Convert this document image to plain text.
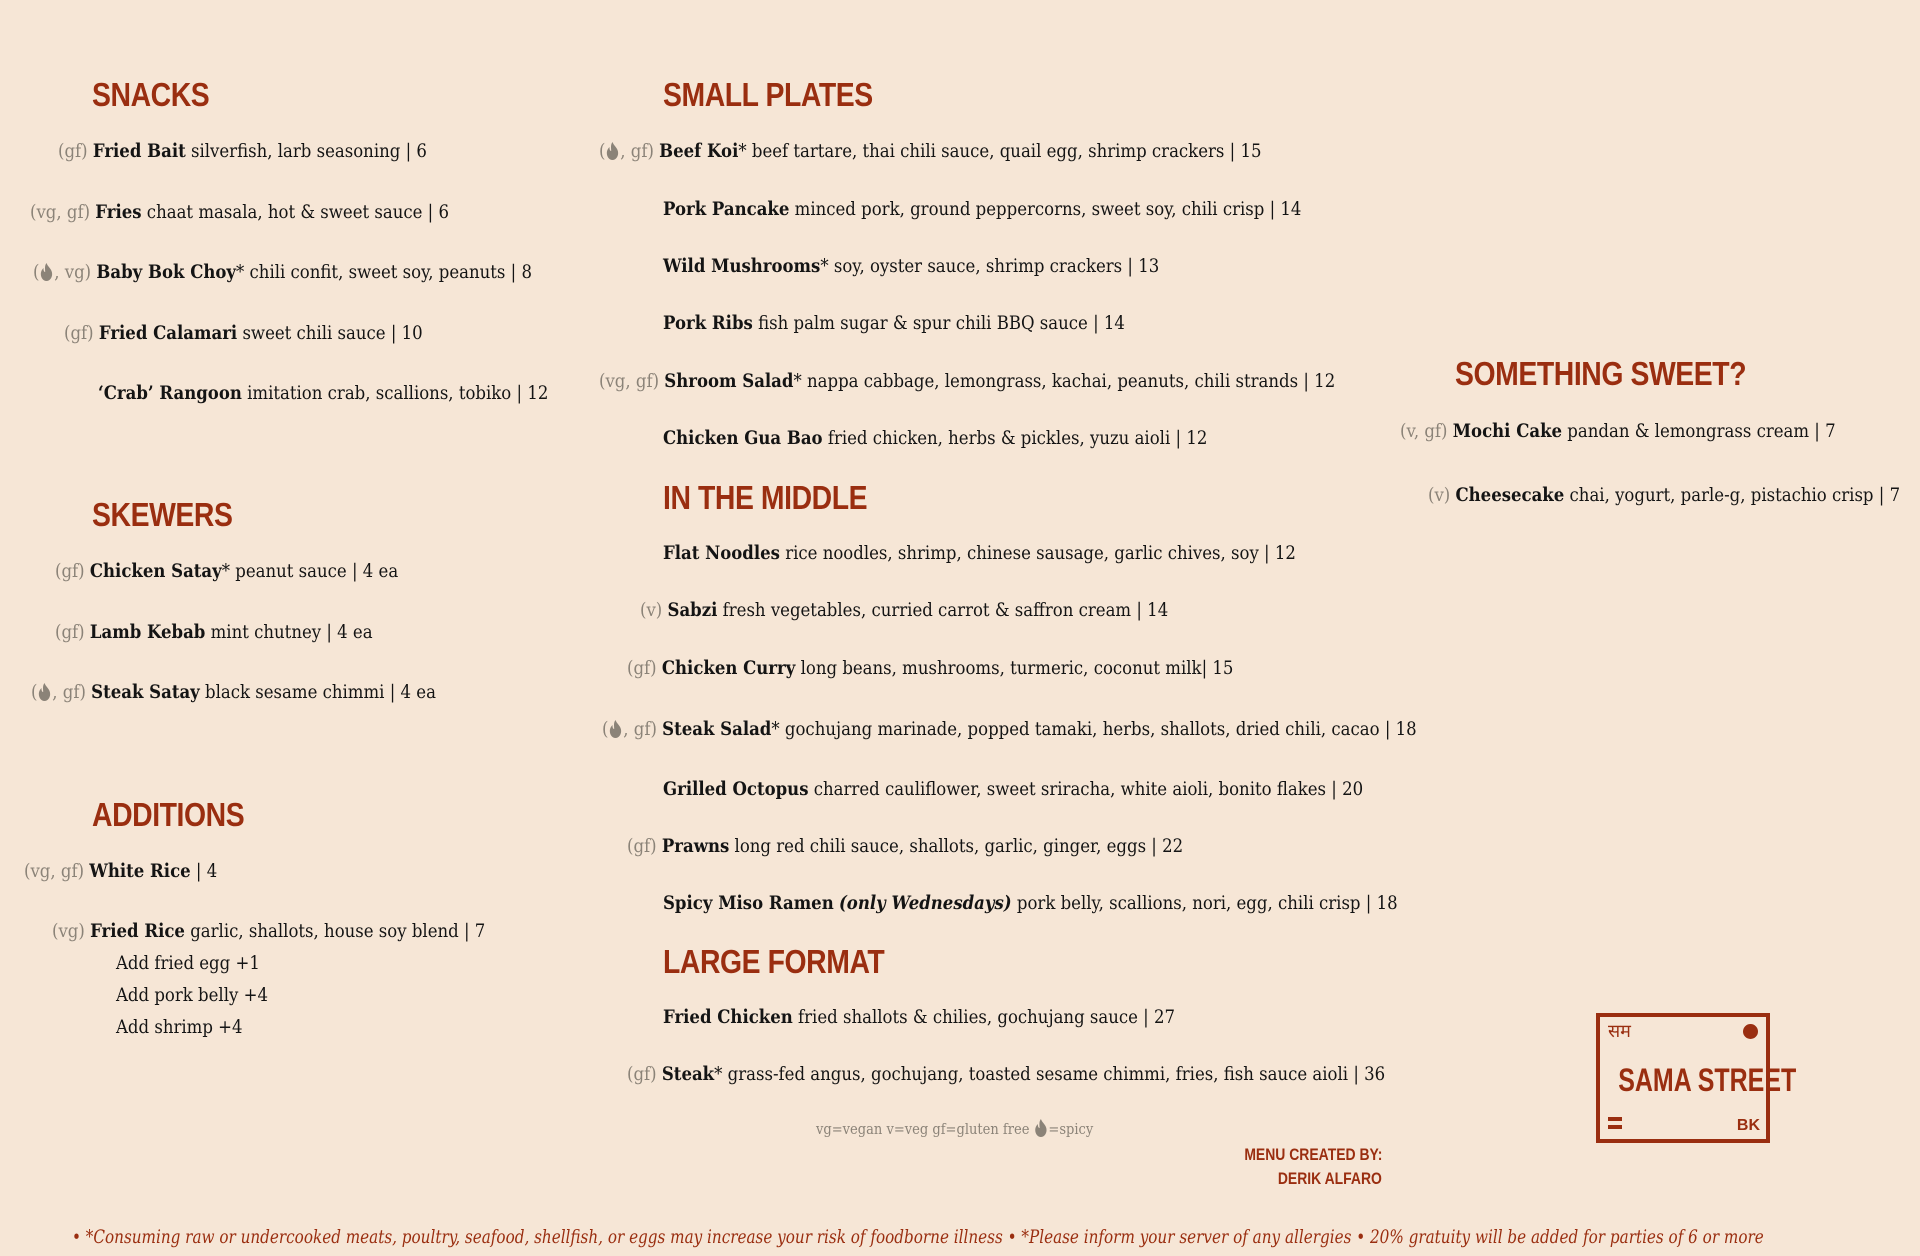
SNACKS
SKEWERS
ADDITIONS
SMALL PLATES
IN THE MIDDLE
LARGE FORMAT
SOMETHING SWEET?
(gf) Fried Bait silverfish, larb seasoning | 6
(vg, gf) Fries chaat masala, hot & sweet sauce | 6
( , vg) Baby Bok Choy* chili confit, sweet soy, peanuts | 8
(gf) Fried Calamari sweet chili sauce | 10
‘Crab’ Rangoon imitation crab, scallions, tobiko | 12
(gf) Chicken Satay* peanut sauce | 4 ea
(gf) Lamb Kebab mint chutney | 4 ea
( , gf) Steak Satay black sesame chimmi | 4 ea
(vg, gf) White Rice | 4
(vg) Fried Rice garlic, shallots, house soy blend | 7
Add fried egg +1
Add pork belly +4
Add shrimp +4
( , gf) Beef Koi* beef tartare, thai chili sauce, quail egg, shrimp crackers | 15
Pork Pancake minced pork, ground peppercorns, sweet soy, chili crisp | 14
Wild Mushrooms* soy, oyster sauce, shrimp crackers | 13
Pork Ribs fish palm sugar & spur chili BBQ sauce | 14
(vg, gf) Shroom Salad* nappa cabbage, lemongrass, kachai, peanuts, chili strands | 12
Chicken Gua Bao fried chicken, herbs & pickles, yuzu aioli | 12
Flat Noodles rice noodles, shrimp, chinese sausage, garlic chives, soy | 12
(v) Sabzi fresh vegetables, curried carrot & saffron cream | 14
(gf) Chicken Curry long beans, mushrooms, turmeric, coconut milk| 15
( , gf) Steak Salad* gochujang marinade, popped tamaki, herbs, shallots, dried chili, cacao | 18
Grilled Octopus charred cauliflower, sweet sriracha, white aioli, bonito flakes | 20
(gf) Prawns long red chili sauce, shallots, garlic, ginger, eggs | 22
Spicy Miso Ramen (only Wednesdays) pork belly, scallions, nori, egg, chili crisp | 18
Fried Chicken fried shallots & chilies, gochujang sauce | 27
(gf) Steak* grass-fed angus, gochujang, toasted sesame chimmi, fries, fish sauce aioli | 36
(v, gf) Mochi Cake pandan & lemongrass cream | 7
(v) Cheesecake chai, yogurt, parle-g, pistachio crisp | 7
vg=vegan v=veg gf=gluten free =spicy
MENU CREATED BY:
DERIK ALFARO
सम
SAMA STREET
BK
• *Consuming raw or undercooked meats, poultry, seafood, shellfish, or eggs may increase your risk of foodborne illness • *Please inform your server of any allergies • 20% gratuity will be added for parties of 6 or more
